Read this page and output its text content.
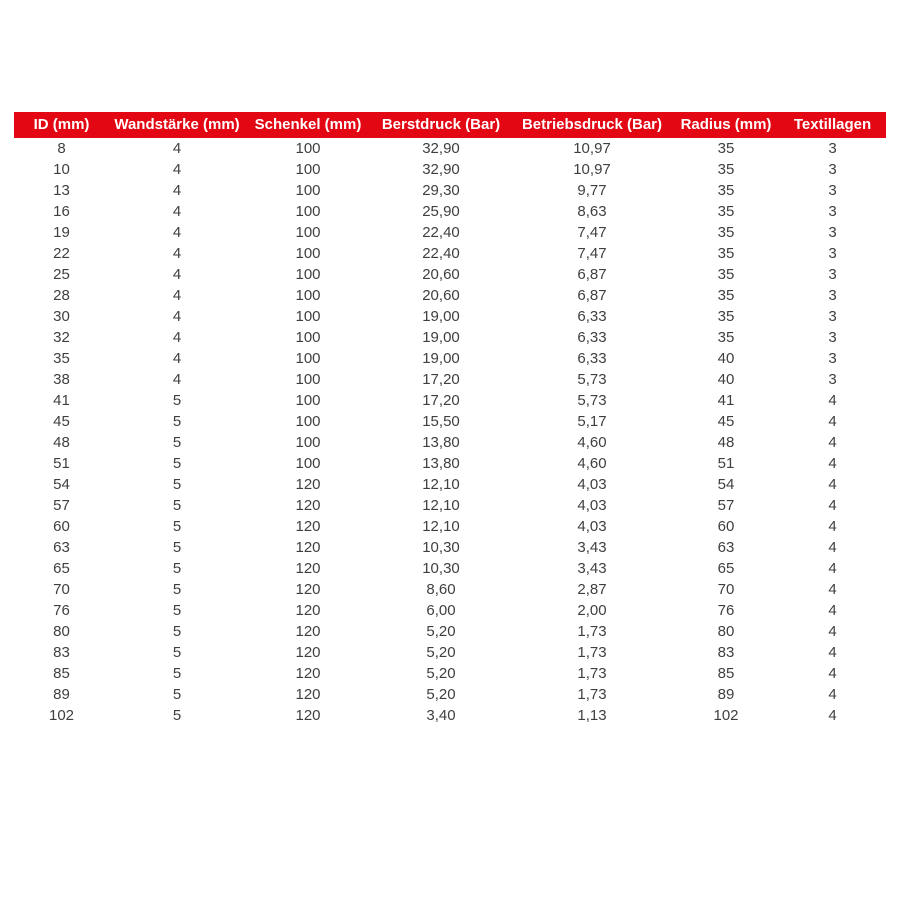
ID (mm)	Wandstärke (mm)	Schenkel (mm)	Berstdruck (Bar)	Betriebsdruck (Bar)	Radius (mm)	Textillagen
8	4	100	32,90	10,97	35	3
10	4	100	32,90	10,97	35	3
13	4	100	29,30	9,77	35	3
16	4	100	25,90	8,63	35	3
19	4	100	22,40	7,47	35	3
22	4	100	22,40	7,47	35	3
25	4	100	20,60	6,87	35	3
28	4	100	20,60	6,87	35	3
30	4	100	19,00	6,33	35	3
32	4	100	19,00	6,33	35	3
35	4	100	19,00	6,33	40	3
38	4	100	17,20	5,73	40	3
41	5	100	17,20	5,73	41	4
45	5	100	15,50	5,17	45	4
48	5	100	13,80	4,60	48	4
51	5	100	13,80	4,60	51	4
54	5	120	12,10	4,03	54	4
57	5	120	12,10	4,03	57	4
60	5	120	12,10	4,03	60	4
63	5	120	10,30	3,43	63	4
65	5	120	10,30	3,43	65	4
70	5	120	8,60	2,87	70	4
76	5	120	6,00	2,00	76	4
80	5	120	5,20	1,73	80	4
83	5	120	5,20	1,73	83	4
85	5	120	5,20	1,73	85	4
89	5	120	5,20	1,73	89	4
102	5	120	3,40	1,13	102	4
